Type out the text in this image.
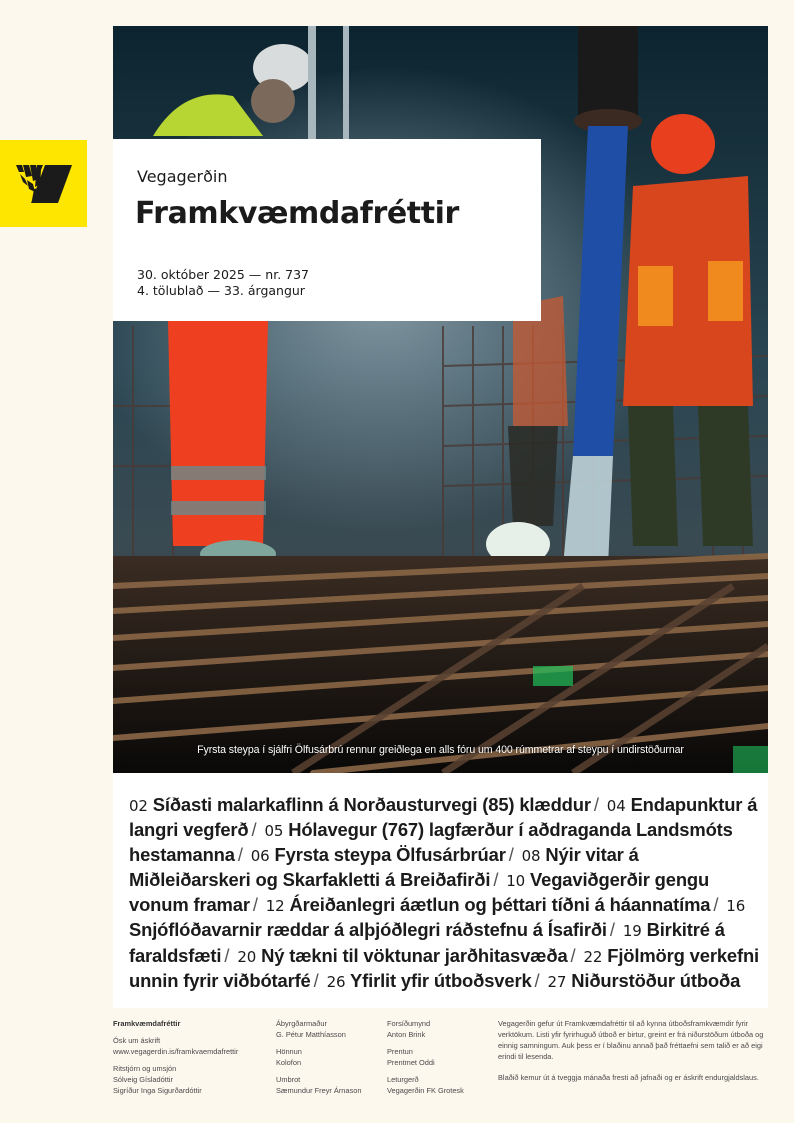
Fyrsta steypa í sjálfri Ölfusárbrú rennur greiðlega en alls fóru um 400 rúmmetrar af steypu í undirstöðurnar
Vegagerðin
Framkvæmdafréttir
30. október 2025 — nr. 737
4. tölublað — 33. árgangur

02 Síðasti malarkaflinn á Norðausturvegi (85) klæddur / 04 Endapunktur á langri vegferð / 05 Hólavegur (767) lagfærður í aðdraganda Landsmóts hestamanna / 06 Fyrsta steypa Ölfusárbrúar / 08 Nýir vitar á Miðleiðarskeri og Skarfakletti á Breiðafirði / 10 Vegaviðgerðir gengu vonum framar / 12 Áreiðanlegri áætlun og þéttari tíðni á háannatíma / 16 Snjóflóðavarnir ræddar á alþjóðlegri ráðstefnu á Ísafirði / 19 Birkitré á faraldsfæti / 20 Ný tækni til vöktunar jarðhitasvæða / 22 Fjölmörg verkefni unnin fyrir viðbótarfé / 26 Yfirlit yfir útboðsverk / 27 Niðurstöður útboða

Framkvæmdafréttir
Ósk um áskrift
www.vegagerdin.is/framkvaemdafrettir
Ritstjórn og umsjón
Sólveig Gísladóttir
Sigríður Inga Sigurðardóttir
Ábyrgðarmaður
G. Pétur Matthíasson
Hönnun
Kolofon
Umbrot
Sæmundur Freyr Árnason
Forsíðumynd
Anton Brink
Prentun
Prentmet Oddi
Leturgerð
Vegagerðin FK Grotesk
Vegagerðin gefur út Framkvæmdafréttir til að kynna útboðsframkvæmdir fyrir verktökum. Listi yfir fyrirhuguð útboð er birtur, greint er frá niðurstöðum útboða og einnig samningum. Auk þess er í blaðinu annað það fréttaefni sem talið er að eigi erindi til lesenda.
Blaðið kemur út á tveggja mánaða fresti að jafnaði og er áskrift endurgjaldslaus.
